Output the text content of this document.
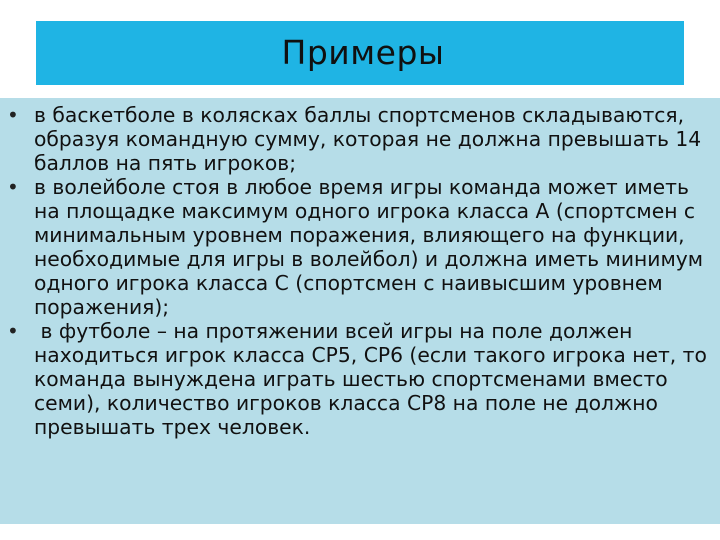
Примеры
• в баскетболе в колясках баллы спортсменов складываются, образуя командную сумму, которая не должна превышать 14 баллов на пять игроков;
• в волейболе стоя в любое время игры команда может иметь на площадке максимум одного игрока класса А (спортсмен с минимальным уровнем поражения, влияющего на функции, необходимые для игры в волейбол) и должна иметь минимум одного игрока класса С (спортсмен с наивысшим уровнем поражения);
• в футболе – на протяжении всей игры на поле должен находиться игрок класса СР5, СР6 (если такого игрока нет, то команда вынуждена играть шестью спортсменами вместо семи), количество игроков класса СР8 на поле не должно превышать трех человек.
